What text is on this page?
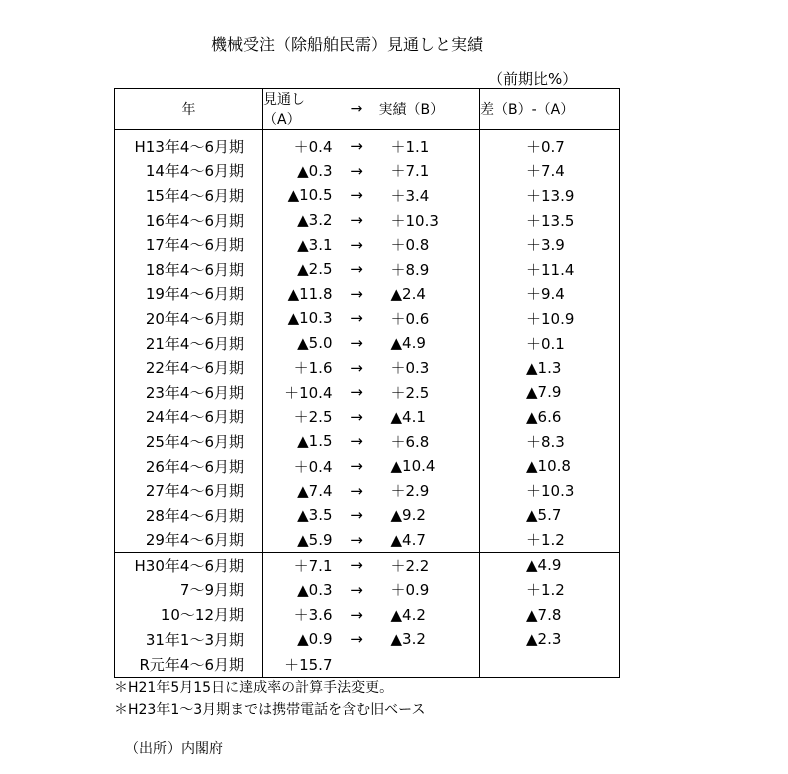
機械受注（除船舶民需）見通しと実績
（前期比%）
年	見通し（A）	→	実績（B）	差（B）-（A）
H13年4～6月期	＋0.4	→	＋1.1	＋0.7
14年4～6月期	▲0.3	→	＋7.1	＋7.4
15年4～6月期	▲10.5	→	＋3.4	＋13.9
16年4～6月期	▲3.2	→	＋10.3	＋13.5
17年4～6月期	▲3.1	→	＋0.8	＋3.9
18年4～6月期	▲2.5	→	＋8.9	＋11.4
19年4～6月期	▲11.8	→	▲2.4	＋9.4
20年4～6月期	▲10.3	→	＋0.6	＋10.9
21年4～6月期	▲5.0	→	▲4.9	＋0.1
22年4～6月期	＋1.6	→	＋0.3	▲1.3
23年4～6月期	＋10.4	→	＋2.5	▲7.9
24年4～6月期	＋2.5	→	▲4.1	▲6.6
25年4～6月期	▲1.5	→	＋6.8	＋8.3
26年4～6月期	＋0.4	→	▲10.4	▲10.8
27年4～6月期	▲7.4	→	＋2.9	＋10.3
28年4～6月期	▲3.5	→	▲9.2	▲5.7
29年4～6月期	▲5.9	→	▲4.7	＋1.2
H30年4～6月期	＋7.1	→	＋2.2	▲4.9
7～9月期	▲0.3	→	＋0.9	＋1.2
10～12月期	＋3.6	→	▲4.2	▲7.8
31年1～3月期	▲0.9	→	▲3.2	▲2.3
R元年4～6月期	＋15.7			
＊H21年5月15日に達成率の計算手法変更。
＊H23年1～3月期までは携帯電話を含む旧ベース
（出所）内閣府
